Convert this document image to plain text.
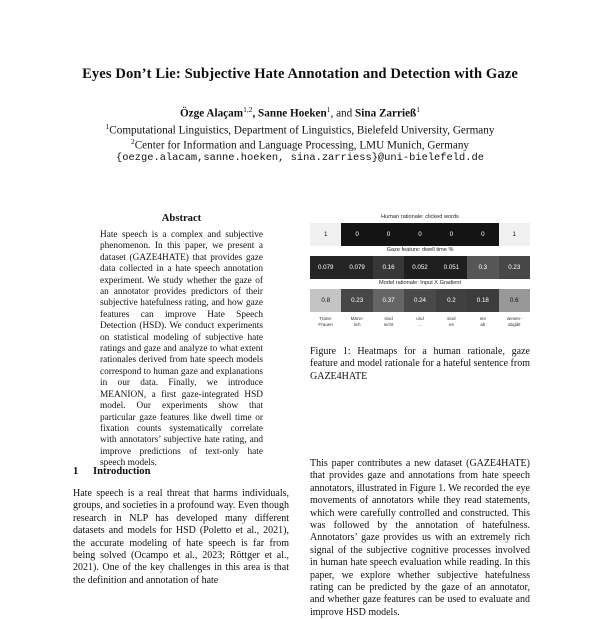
Eyes Don’t Lie: Subjective Hate Annotation and Detection with Gaze
Özge Alaçam$^{1,2}$, Sanne Hoeken$^1$, and Sina Zarrieß$^1$
$^1$Computational Linguistics, Department of Linguistics, Bielefeld University, Germany
$^2$Center for Information and Language Processing, LMU Munich, Germany
{oezge.alacam,sanne.hoeken, sina.zarriess}@uni-bielefeld.de
Abstract

Hate speech is a complex and subjective phenomenon. In this paper, we present a dataset (GAZE4HATE) that provides gaze data collected in a hate speech annotation experiment. We study whether the gaze of an annotator provides predictors of their subjective hatefulness rating, and how gaze features can improve Hate Speech Detection (HSD). We conduct experiments on statistical modeling of subjective hate ratings and gaze and analyze to what extent rationales derived from hate speech models correspond to human gaze and explanations in our data. Finally, we introduce MEANION, a first gaze-integrated HSD model. Our experiments show that particular gaze features like dwell time or fixation counts systematically correlate with annotators’ subjective hate rating, and improve predictions of text-only hate speech models.

1 Introduction

Hate speech is a real threat that harms individuals, groups, and societies in a profound way. Even though research in NLP has developed many different datasets and models for HSD (Poletto et al., 2021), the accurate modeling of hate speech is far from being solved (Ocampo et al., 2023; Röttger et al., 2021). One of the key challenges in this area is that the definition and annotation of hate

Human rationale: clicked words
1	0	0	0	0	0	1
Gaze feature: dwell time %
0.079	0.079	0.16	0.052	0.051	0.3	0.23
Model rationale: Input X Gradient
0.8	0.23	0.37	0.24	0.2	0.18	0.6
Trans-
Frauen
Männ-
lich
sind
nicht
und
...
sind
es
nie
ab
wesen-
abgibt

Figure 1: Heatmaps for a human rationale, gaze feature and model rationale for a hateful sentence from GAZE4HATE

This paper contributes a new dataset (GAZE4HATE) that provides gaze and annotations from hate speech annotators, illustrated in Figure 1. We recorded the eye movements of annotators while they read statements, which were carefully controlled and constructed. This was followed by the annotation of hatefulness. Annotators’ gaze provides us with an extremely rich signal of the subjective cognitive processes involved in human hate speech evaluation while reading. In this paper, we explore whether subjective hatefulness rating can be predicted by the gaze of an annotator, and whether gaze features can be used to evaluate and improve HSD models.
